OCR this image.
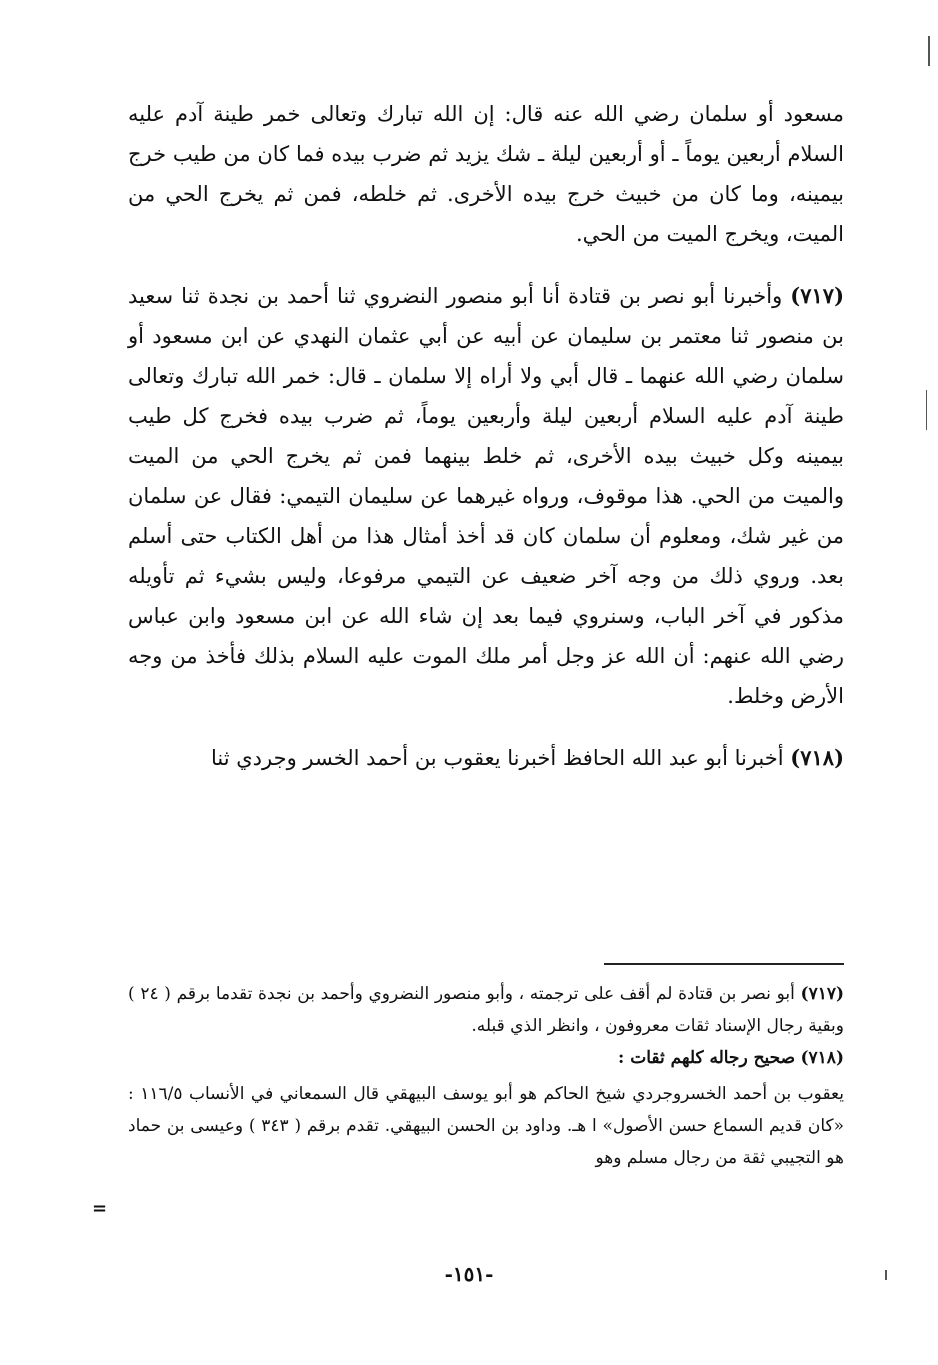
مسعود أو سلمان رضي الله عنه قال: إن الله تبارك وتعالى خمر طينة آدم عليه السلام أربعين يوماً ـ أو أربعين ليلة ـ شك يزيد ثم ضرب بيده فما كان من طيب خرج بيمينه، وما كان من خبيث خرج بيده الأخرى. ثم خلطه، فمن ثم يخرج الحي من الميت، ويخرج الميت من الحي.

(٧١٧) وأخبرنا أبو نصر بن قتادة أنا أبو منصور النضروي ثنا أحمد بن نجدة ثنا سعيد بن منصور ثنا معتمر بن سليمان عن أبيه عن أبي عثمان النهدي عن ابن مسعود أو سلمان رضي الله عنهما ـ قال أبي ولا أراه إلا سلمان ـ قال: خمر الله تبارك وتعالى طينة آدم عليه السلام أربعين ليلة وأربعين يوماً، ثم ضرب بيده فخرج كل طيب بيمينه وكل خبيث بيده الأخرى، ثم خلط بينهما فمن ثم يخرج الحي من الميت والميت من الحي. هذا موقوف، ورواه غيرهما عن سليمان التيمي: فقال عن سلمان من غير شك، ومعلوم أن سلمان كان قد أخذ أمثال هذا من أهل الكتاب حتى أسلم بعد. وروي ذلك من وجه آخر ضعيف عن التيمي مرفوعا، وليس بشيء ثم تأويله مذكور في آخر الباب، وسنروي فيما بعد إن شاء الله عن ابن مسعود وابن عباس رضي الله عنهم: أن الله عز وجل أمر ملك الموت عليه السلام بذلك فأخذ من وجه الأرض وخلط.

(٧١٨) أخبرنا أبو عبد الله الحافظ أخبرنا يعقوب بن أحمد الخسر وجردي ثنا

(٧١٧) أبو نصر بن قتادة لم أقف على ترجمته ، وأبو منصور النضروي وأحمد بن نجدة تقدما برقم ( ٢٤ ) وبقية رجال الإسناد ثقات معروفون ، وانظر الذي قبله.

(٧١٨) صحيح رجاله كلهم ثقات :

يعقوب بن أحمد الخسروجردي شيخ الحاكم هو أبو يوسف البيهقي قال السمعاني في الأنساب ١١٦/٥ : «كان قديم السماع حسن الأصول» ا هـ. وداود بن الحسن البيهقي. تقدم برقم ( ٣٤٣ ) وعيسى بن حماد هو التجيبي ثقة من رجال مسلم وهو

=
-١٥١-
